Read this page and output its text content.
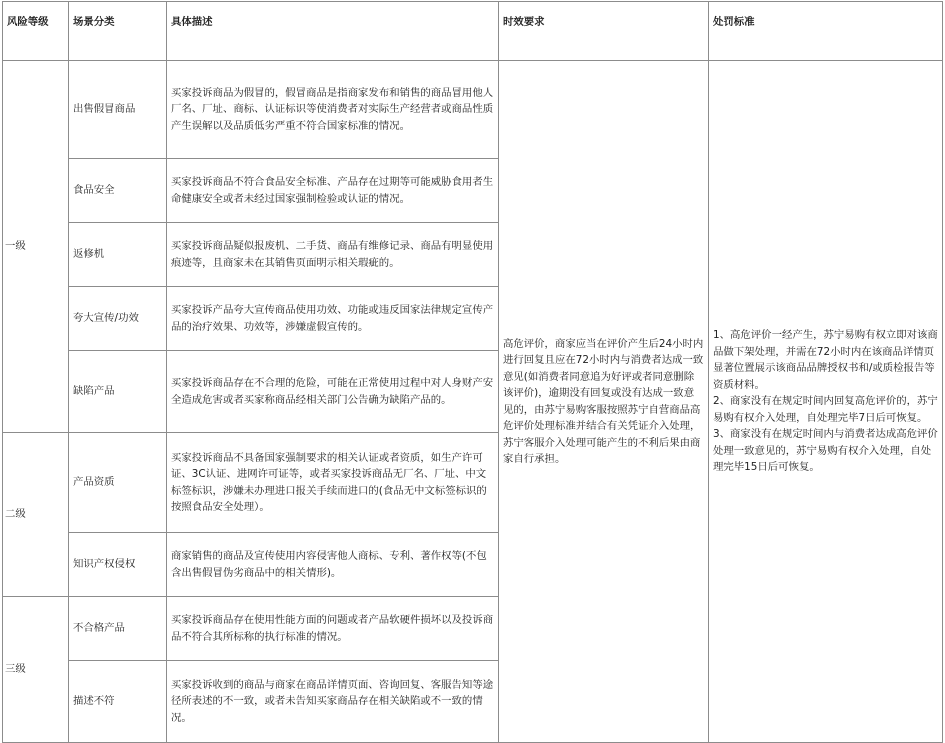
风险等级	场景分类	具体描述	时效要求	处罚标准
一级	出售假冒商品	买家投诉商品为假冒的，假冒商品是指商家发布和销售的商品冒用他人厂名、厂址、商标、认证标识等使消费者对实际生产经营者或商品性质产生误解以及品质低劣严重不符合国家标准的情况。	高危评价，商家应当在评价产生后24小时内进行回复且应在72小时内与消费者达成一致意见(如消费者同意追为好评或者同意删除该评价)，逾期没有回复或没有达成一致意见的，由苏宁易购客服按照苏宁自营商品高危评价处理标准并结合有关凭证介入处理，苏宁客服介入处理可能产生的不利后果由商家自行承担。	1、高危评价一经产生，苏宁易购有权立即对该商品做下架处理，并需在72小时内在该商品详情页显著位置展示该商品品牌授权书和/或质检报告等资质材料。
2、商家没有在规定时间内回复高危评价的，苏宁易购有权介入处理，自处理完毕7日后可恢复。
3、商家没有在规定时间内与消费者达成高危评价处理一致意见的，苏宁易购有权介入处理，自处理完毕15日后可恢复。
	食品安全	买家投诉商品不符合食品安全标准、产品存在过期等可能威胁食用者生命健康安全或者未经过国家强制检验或认证的情况。		
	返修机	买家投诉商品疑似报废机、二手货、商品有维修记录、商品有明显使用痕迹等，且商家未在其销售页面明示相关瑕疵的。		
	夸大宣传/功效	买家投诉产品夸大宣传商品使用功效、功能或违反国家法律规定宣传产品的治疗效果、功效等，涉嫌虚假宣传的。		
	缺陷产品	买家投诉商品存在不合理的危险，可能在正常使用过程中对人身财产安全造成危害或者买家称商品经相关部门公告确为缺陷产品的。		
二级	产品资质	买家投诉商品不具备国家强制要求的相关认证或者资质，如生产许可证、3C认证、进网许可证等，或者买家投诉商品无厂名、厂址、中文标签标识，涉嫌未办理进口报关手续而进口的(食品无中文标签标识的按照食品安全处理）。		
	知识产权侵权	商家销售的商品及宣传使用内容侵害他人商标、专利、著作权等(不包含出售假冒伪劣商品中的相关情形)。		
三级	不合格产品	买家投诉商品存在使用性能方面的问题或者产品软硬件损坏以及投诉商品不符合其所标称的执行标准的情况。		
	描述不符	买家投诉收到的商品与商家在商品详情页面、咨询回复、客服告知等途径所表述的不一致，或者未告知买家商品存在相关缺陷或不一致的情况。		
